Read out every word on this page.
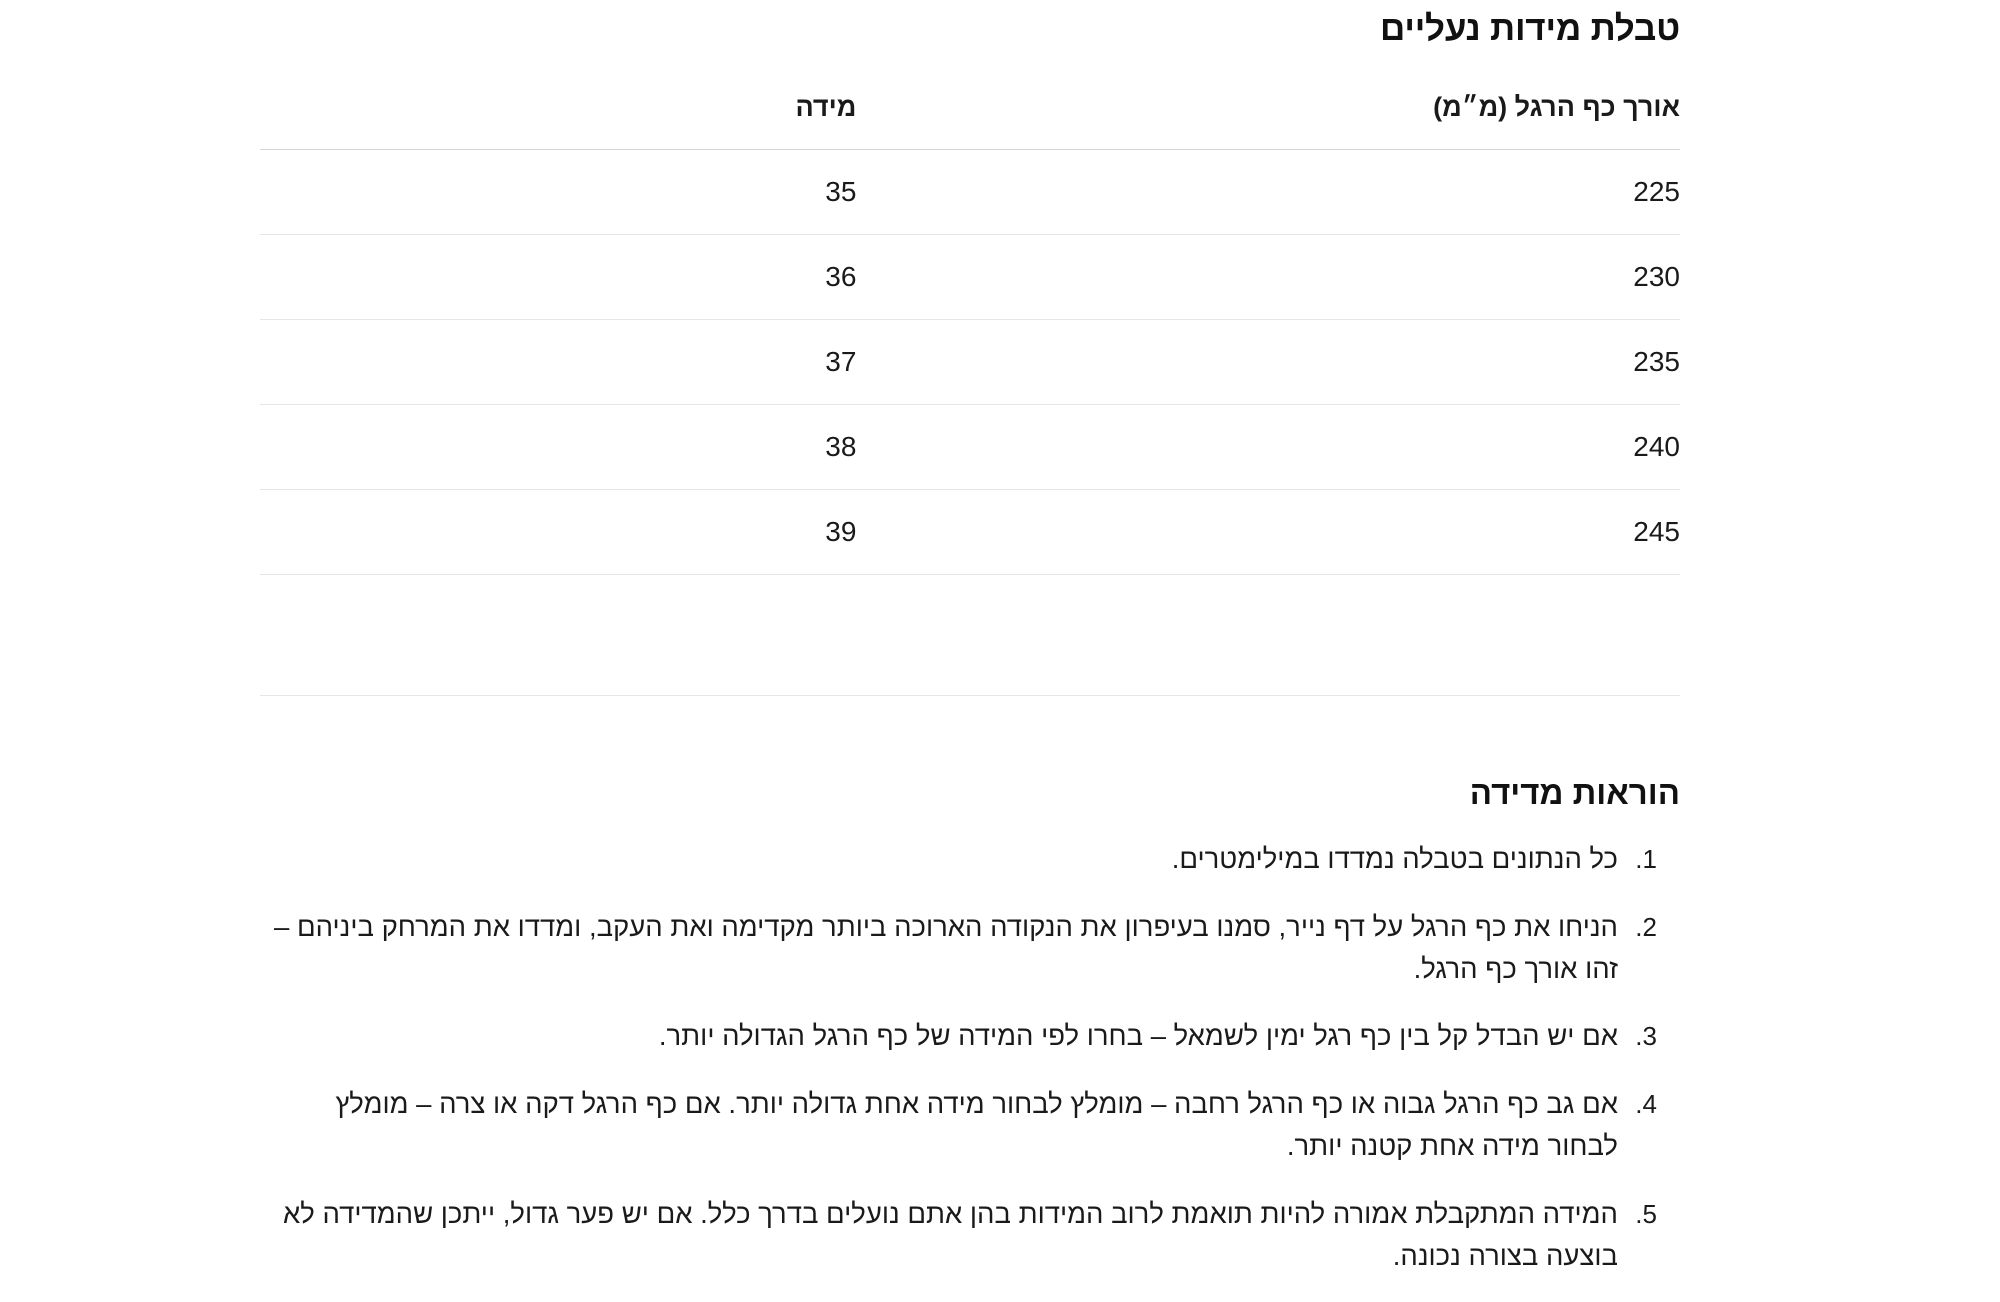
טבלת מידות נעליים
אורך כף הרגל (מ״מ)	מידה
225	35
230	36
235	37
240	38
245	39

הוראות מדידה
1. כל הנתונים בטבלה נמדדו במילימטרים.
2. הניחו את כף הרגל על דף נייר, סמנו בעיפרון את הנקודה הארוכה ביותר מקדימה ואת העקב, ומדדו את המרחק ביניהם – זהו אורך כף הרגל.
3. אם יש הבדל קל בין כף רגל ימין לשמאל – בחרו לפי המידה של כף הרגל הגדולה יותר.
4. אם גב כף הרגל גבוה או כף הרגל רחבה – מומלץ לבחור מידה אחת גדולה יותר. אם כף הרגל דקה או צרה – מומלץ לבחור מידה אחת קטנה יותר.
5. המידה המתקבלת אמורה להיות תואמת לרוב המידות בהן אתם נועלים בדרך כלל. אם יש פער גדול, ייתכן שהמדידה לא בוצעה בצורה נכונה.
